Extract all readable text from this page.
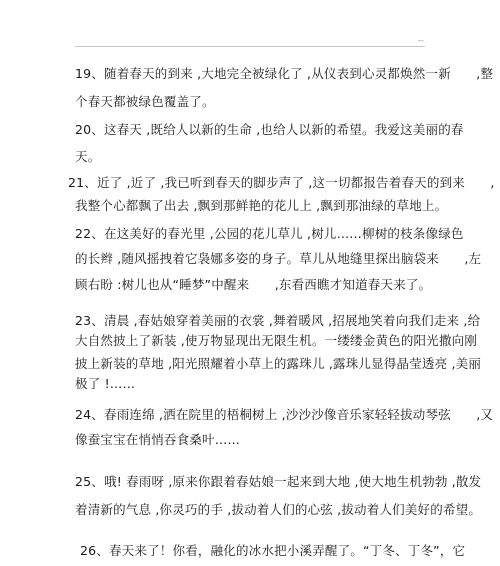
--
19、随着春天的到来 ,大地完全被绿化了 ,从仪表到心灵都焕然一新　　,整
个春天都被绿色覆盖了。
20、这春天 ,既给人以新的生命 ,也给人以新的希望。我爱这美丽的春
天。
21、近了 ,近了 ,我已听到春天的脚步声了 ,这一切都报告着春天的到来　　,
我整个心都飘了出去 ,飘到那鲜艳的花儿上 ,飘到那油绿的草地上。
22、在这美好的春光里 ,公园的花儿草儿 ,树儿……柳树的枝条像绿色
的长辫 ,随风摇拽着它袅娜多姿的身子。草儿从地缝里探出脑袋来　　,左
顾右盼 :树儿也从“睡梦”中醒来　　,东看西瞧才知道春天来了。
23、清晨 ,春姑娘穿着美丽的衣裳 ,舞着暖风 ,招展地笑着向我们走来 ,给
大自然披上了新装 ,使万物显现出无限生机。一缕缕金黄色的阳光撒向刚
披上新装的草地 ,阳光照耀着小草上的露珠儿 ,露珠儿显得晶莹透亮 ,美丽
极了 !……
24、春雨连绵 ,洒在院里的梧桐树上 ,沙沙沙像音乐家轻轻拔动琴弦　　,又
像蚕宝宝在悄悄吞食桑叶……
25、哦! 春雨呀 ,原来你跟着春姑娘一起来到大地 ,使大地生机勃勃 ,散发
着清新的气息 ,你灵巧的手 ,拔动着人们的心弦 ,拔动着人们美好的希望。
26、春天来了！你看，融化的冰水把小溪弄醒了。“丁冬、丁冬”，它
